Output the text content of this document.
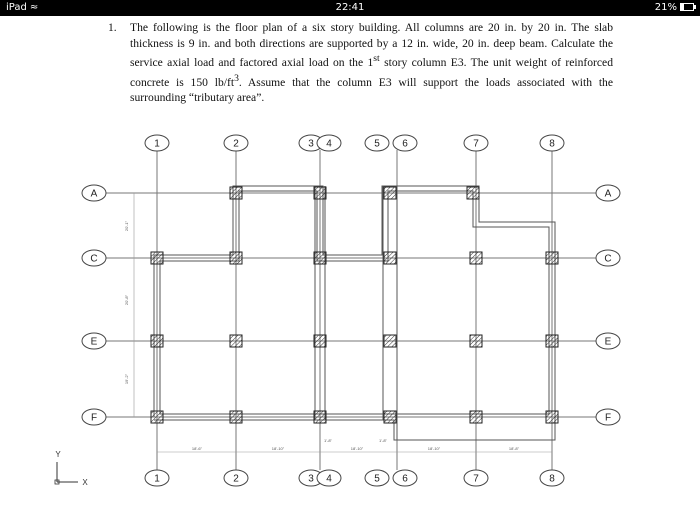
iPad ≈	22:41	21%
1. The following is the floor plan of a six story building. All columns are 20 in. by 20 in. The slab thickness is 9 in. and both directions are supported by a 12 in. wide, 20 in. deep beam. Calculate the service axial load and factored axial load on the 1st story column E3. The unit weight of reinforced concrete is 150 $lb/ft^3$. Assume that the column E3 will support the loads associated with the surrounding “tributary area”.

1
1
2
2
3
3
4
4
5
5
6
6
7
7
8
8
A	A
C	C
E	E
F	F
18'-6"	18'-10"	18'-10"	18'-10"	18'-8"
1'-8"	1'-8"
20'-1"
20'-8"
19'-2"
Y
X
